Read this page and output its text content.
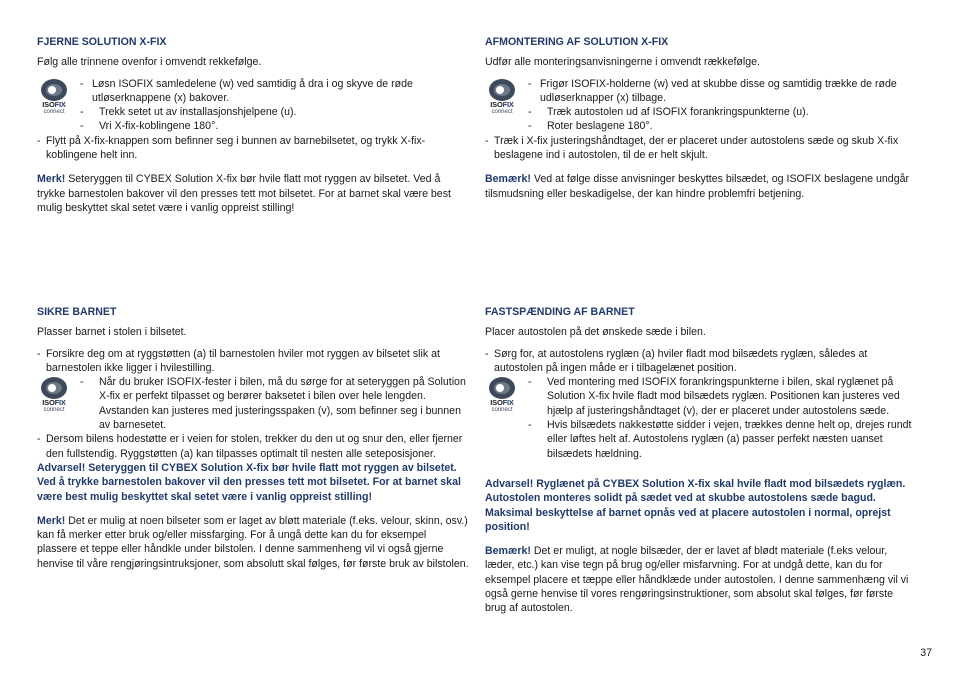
FJERNE SOLUTION X-FIX

Følg alle trinnene ovenfor i omvendt rekkefølge.

ISOFIX
connect

- Løsn ISOFIX samledelene (w) ved samtidig å dra i og skyve de røde utløserknappene (x) bakover.

- Trekk setet ut av installasjonshjelpene (u).

- Vri X-fix-koblingene 180°.

- Flytt på X-fix-knappen som befinner seg i bunnen av barnebilsetet, og trykk X-fix-koblingene helt inn.

Merk! Seteryggen til CYBEX Solution X-fix bør hvile flatt mot ryggen av bilsetet. Ved å trykke barnestolen bakover vil den presses tett mot bilsetet. For at barnet skal være best mulig beskyttet skal setet være i vanlig oppreist stilling!

AFMONTERING AF SOLUTION X-FIX

Udfør alle monteringsanvisningerne i omvendt rækkefølge.

ISOFIX
connect

- Frigør ISOFIX-holderne (w) ved at skubbe disse og samtidig trække de røde udløserknapper (x) tilbage.

- Træk autostolen ud af ISOFIX forankringspunkterne (u).

- Roter beslagene 180°.

- Træk i X-fix justeringshåndtaget, der er placeret under autostolens sæde og skub X-fix beslagene ind i autostolen, til de er helt skjult.

Bemærk! Ved at følge disse anvisninger beskyttes bilsædet, og ISOFIX beslagene undgår tilsmudsning eller beskadigelse, der kan hindre problemfri betjening.

SIKRE BARNET

Plasser barnet i stolen i bilsetet.

- Forsikre deg om at ryggstøtten (a) til barnestolen hviler mot ryggen av bilsetet slik at barnestolen ikke ligger i hvilestilling.

ISOFIX
connect

- Når du bruker ISOFIX-fester i bilen, må du sørge for at seteryggen på Solution X-fix er perfekt tilpasset og berører baksetet i bilen over hele lengden. Avstanden kan justeres med justeringsspaken (v), som befinner seg i bunnen av barnesetet.

- Dersom bilens hodestøtte er i veien for stolen, trekker du den ut og snur den, eller fjerner den fullstendig. Ryggstøtten (a) kan tilpasses optimalt til nesten alle seteposisjoner.

Advarsel! Seteryggen til CYBEX Solution X-fix bør hvile flatt mot ryggen av bilsetet. Ved å trykke barnestolen bakover vil den presses tett mot bilsetet. For at barnet skal være best mulig beskyttet skal setet være i vanlig oppreist stilling!

Merk! Det er mulig at noen bilseter som er laget av bløtt materiale (f.eks. velour, skinn, osv.) kan få merker etter bruk og/eller missfarging. For å ungå dette kan du for eksempel plassere et teppe eller håndkle under bilstolen. I denne sammenheng vil vi også gjerne henvise til våre rengjøringsintruksjoner, som absolutt skal følges, før første bruk av bilstolen.

FASTSPÆNDING AF BARNET

Placer autostolen på det ønskede sæde i bilen.

- Sørg for, at autostolens ryglæn (a) hviler fladt mod bilsædets ryglæn, således at autostolen på ingen måde er i tilbagelænet position.

ISOFIX
connect

- Ved montering med ISOFIX forankringspunkterne i bilen, skal ryglænet på Solution X-fix hvile fladt mod bilsædets ryglæn. Positionen kan justeres ved hjælp af justeringshåndtaget (v), der er placeret under autostolens sæde.

- Hvis bilsædets nakkestøtte sidder i vejen, trækkes denne helt op, drejes rundt eller løftes helt af. Autostolens ryglæn (a) passer perfekt næsten uanset bilsædets hældning.

Advarsel! Ryglænet på CYBEX Solution X-fix skal hvile fladt mod bilsædets ryglæn. Autostolen monteres solidt på sædet ved at skubbe autostolens sæde bagud. Maksimal beskyttelse af barnet opnås ved at placere autostolen i normal, oprejst position!

Bemærk! Det er muligt, at nogle bilsæder, der er lavet af blødt materiale (f.eks velour, læder, etc.) kan vise tegn på brug og/eller misfarvning. For at undgå dette, kan du for eksempel placere et tæppe eller håndklæde under autostolen. I denne sammenhæng vil vi også gerne henvise til vores rengøringsinstruktioner, som absolut skal følges, før første brug af autostolen.

37
